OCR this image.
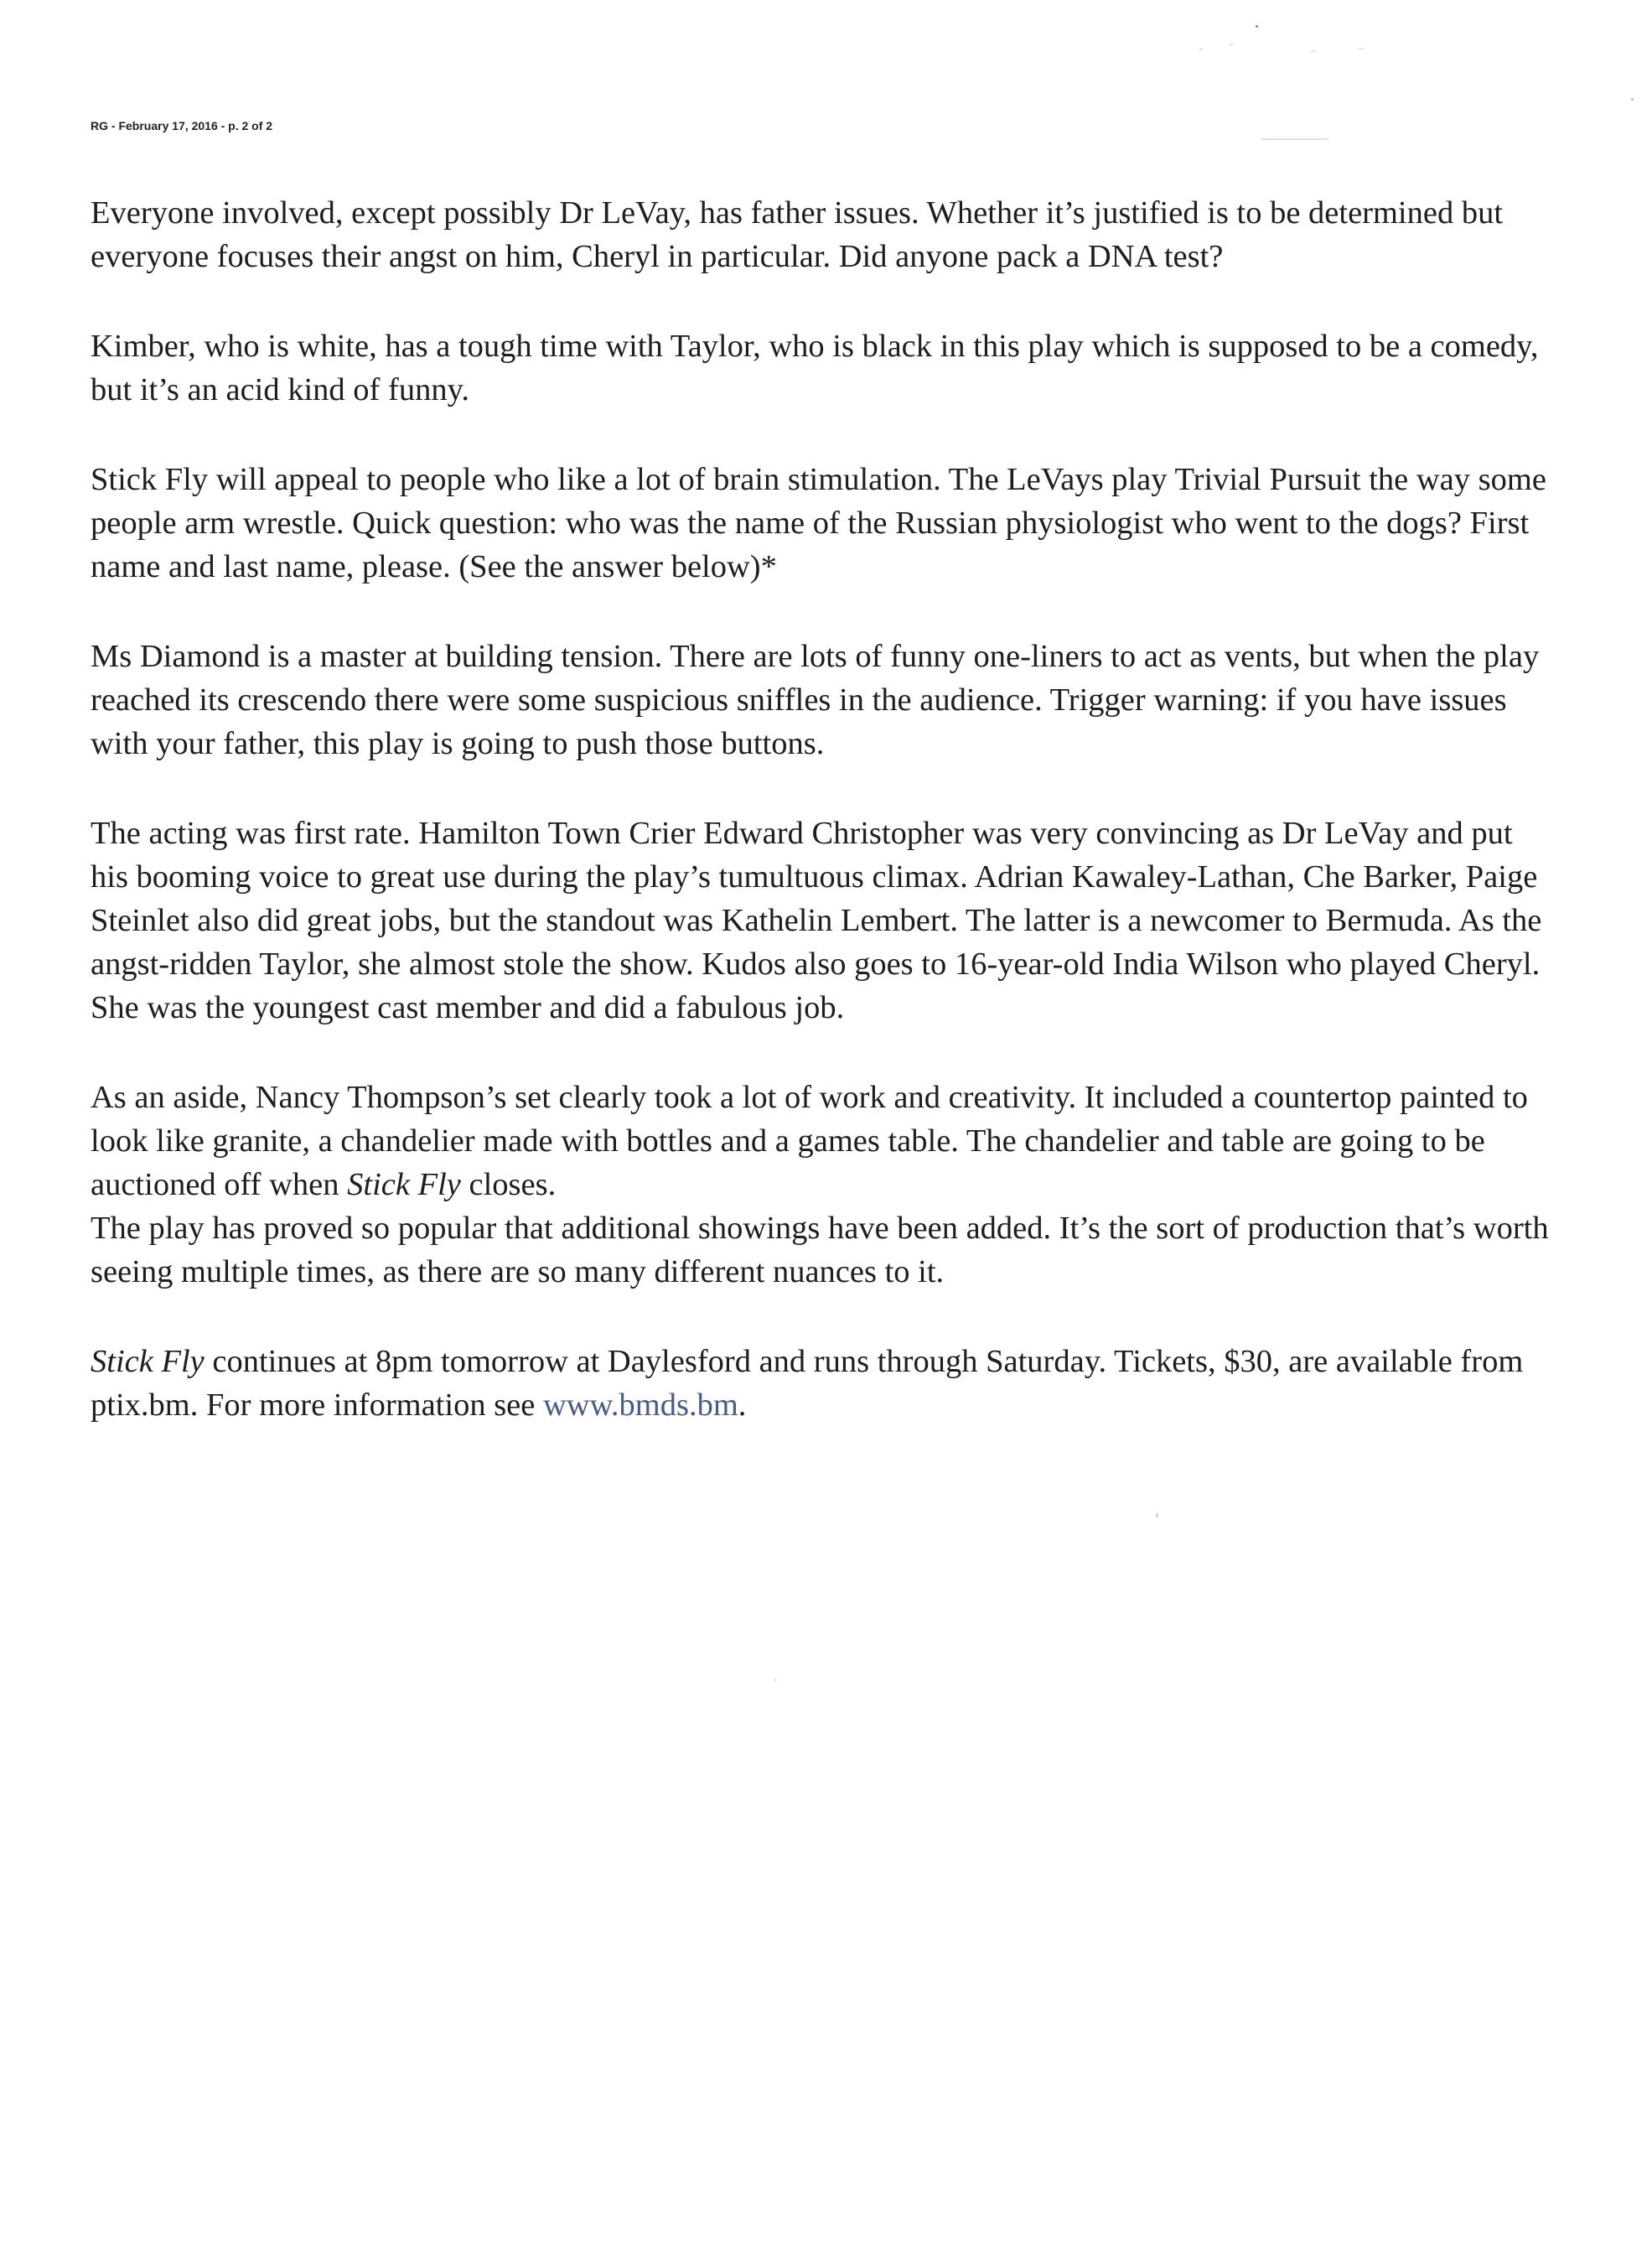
RG - February 17, 2016 - p. 2 of 2

Everyone involved, except possibly Dr LeVay, has father issues. Whether it’s justified is to be determined but everyone focuses their angst on him, Cheryl in particular. Did anyone pack a DNA test?

Kimber, who is white, has a tough time with Taylor, who is black in this play which is supposed to be a comedy, but it’s an acid kind of funny.

Stick Fly will appeal to people who like a lot of brain stimulation. The LeVays play Trivial Pursuit the way some people arm wrestle. Quick question: who was the name of the Russian physiologist who went to the dogs? First name and last name, please. (See the answer below)*

Ms Diamond is a master at building tension. There are lots of funny one-liners to act as vents, but when the play reached its crescendo there were some suspicious sniffles in the audience. Trigger warning: if you have issues with your father, this play is going to push those buttons.

The acting was first rate. Hamilton Town Crier Edward Christopher was very convincing as Dr LeVay and put his booming voice to great use during the play’s tumultuous climax. Adrian Kawaley-Lathan, Che Barker, Paige Steinlet also did great jobs, but the standout was Kathelin Lembert. The latter is a newcomer to Bermuda. As the angst-ridden Taylor, she almost stole the show. Kudos also goes to 16-year-old India Wilson who played Cheryl. She was the youngest cast member and did a fabulous job.

As an aside, Nancy Thompson’s set clearly took a lot of work and creativity. It included a countertop painted to look like granite, a chandelier made with bottles and a games table. The chandelier and table are going to be auctioned off when Stick Fly closes.

The play has proved so popular that additional showings have been added. It’s the sort of production that’s worth seeing multiple times, as there are so many different nuances to it.

Stick Fly continues at 8pm tomorrow at Daylesford and runs through Saturday. Tickets, $30, are available from ptix.bm. For more information see www.bmds.bm.
